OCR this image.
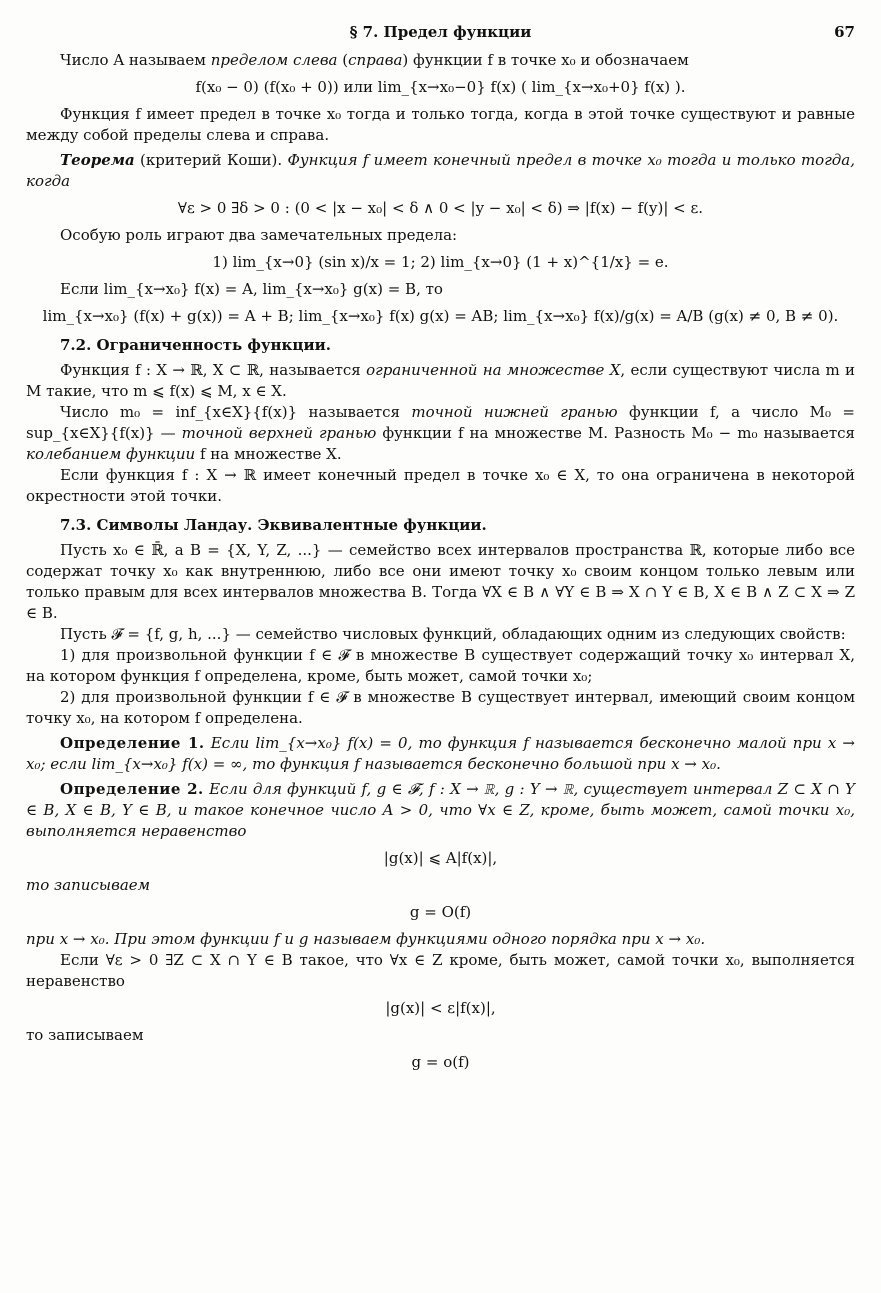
§ 7. Предел функции	67

Число A называем пределом слева (справа) функции f в точке x₀ и обозначаем

f(x₀ − 0) (f(x₀ + 0)) или lim_{x→x₀−0} f(x) ( lim_{x→x₀+0} f(x) ).

Функция f имеет предел в точке x₀ тогда и только тогда, когда в этой точке существуют и равные между собой пределы слева и справа.

Теорема (критерий Коши). Функция f имеет конечный предел в точке x₀ тогда и только тогда, когда

∀ε > 0 ∃δ > 0 : (0 < |x − x₀| < δ ∧ 0 < |y − x₀| < δ) ⇒ |f(x) − f(y)| < ε.

Особую роль играют два замечательных предела:

1) lim_{x→0} (sin x)/x = 1; 2) lim_{x→0} (1 + x)^{1/x} = e.

Если lim_{x→x₀} f(x) = A, lim_{x→x₀} g(x) = B, то

lim_{x→x₀} (f(x) + g(x)) = A + B; lim_{x→x₀} f(x) g(x) = AB; lim_{x→x₀} f(x)/g(x) = A/B (g(x) ≠ 0, B ≠ 0).
7.2. Ограниченность функции.

Функция f : X → ℝ, X ⊂ ℝ, называется ограниченной на множестве X, если существуют числа m и M такие, что m ⩽ f(x) ⩽ M, x ∈ X.

Число m₀ = inf_{x∈X}{f(x)} называется точной нижней гранью функции f, а число M₀ = sup_{x∈X}{f(x)} — точной верхней гранью функции f на множестве M. Разность M₀ − m₀ называется колебанием функции f на множестве X.

Если функция f : X → ℝ имеет конечный предел в точке x₀ ∈ X, то она ограничена в некоторой окрестности этой точки.

7.3. Символы Ландау. Эквивалентные функции.

Пусть x₀ ∈ ℝ̄, а B = {X, Y, Z, ...} — семейство всех интервалов пространства ℝ, которые либо все содержат точку x₀ как внутреннюю, либо все они имеют точку x₀ своим концом только левым или только правым для всех интервалов множества B. Тогда ∀X ∈ B ∧ ∀Y ∈ B ⇒ X ∩ Y ∈ B, X ∈ B ∧ Z ⊂ X ⇒ Z ∈ B.

Пусть 𝓕 = {f, g, h, ...} — семейство числовых функций, обладающих одним из следующих свойств:

1) для произвольной функции f ∈ 𝓕 в множестве B существует содержащий точку x₀ интервал X, на котором функция f определена, кроме, быть может, самой точки x₀;

2) для произвольной функции f ∈ 𝓕 в множестве B существует интервал, имеющий своим концом точку x₀, на котором f определена.

Определение 1. Если lim_{x→x₀} f(x) = 0, то функция f называется бесконечно малой при x → x₀; если lim_{x→x₀} f(x) = ∞, то функция f называется бесконечно большой при x → x₀.

Определение 2. Если для функций f, g ∈ 𝓕, f : X → ℝ, g : Y → ℝ, существует интервал Z ⊂ X ∩ Y ∈ B, X ∈ B, Y ∈ B, и такое конечное число A > 0, что ∀x ∈ Z, кроме, быть может, самой точки x₀, выполняется неравенство

|g(x)| ⩽ A|f(x)|,

то записываем

g = O(f)

при x → x₀. При этом функции f и g называем функциями одного порядка при x → x₀.

Если ∀ε > 0 ∃Z ⊂ X ∩ Y ∈ B такое, что ∀x ∈ Z кроме, быть может, самой точки x₀, выполняется неравенство

|g(x)| < ε|f(x)|,

то записываем

g = o(f)
